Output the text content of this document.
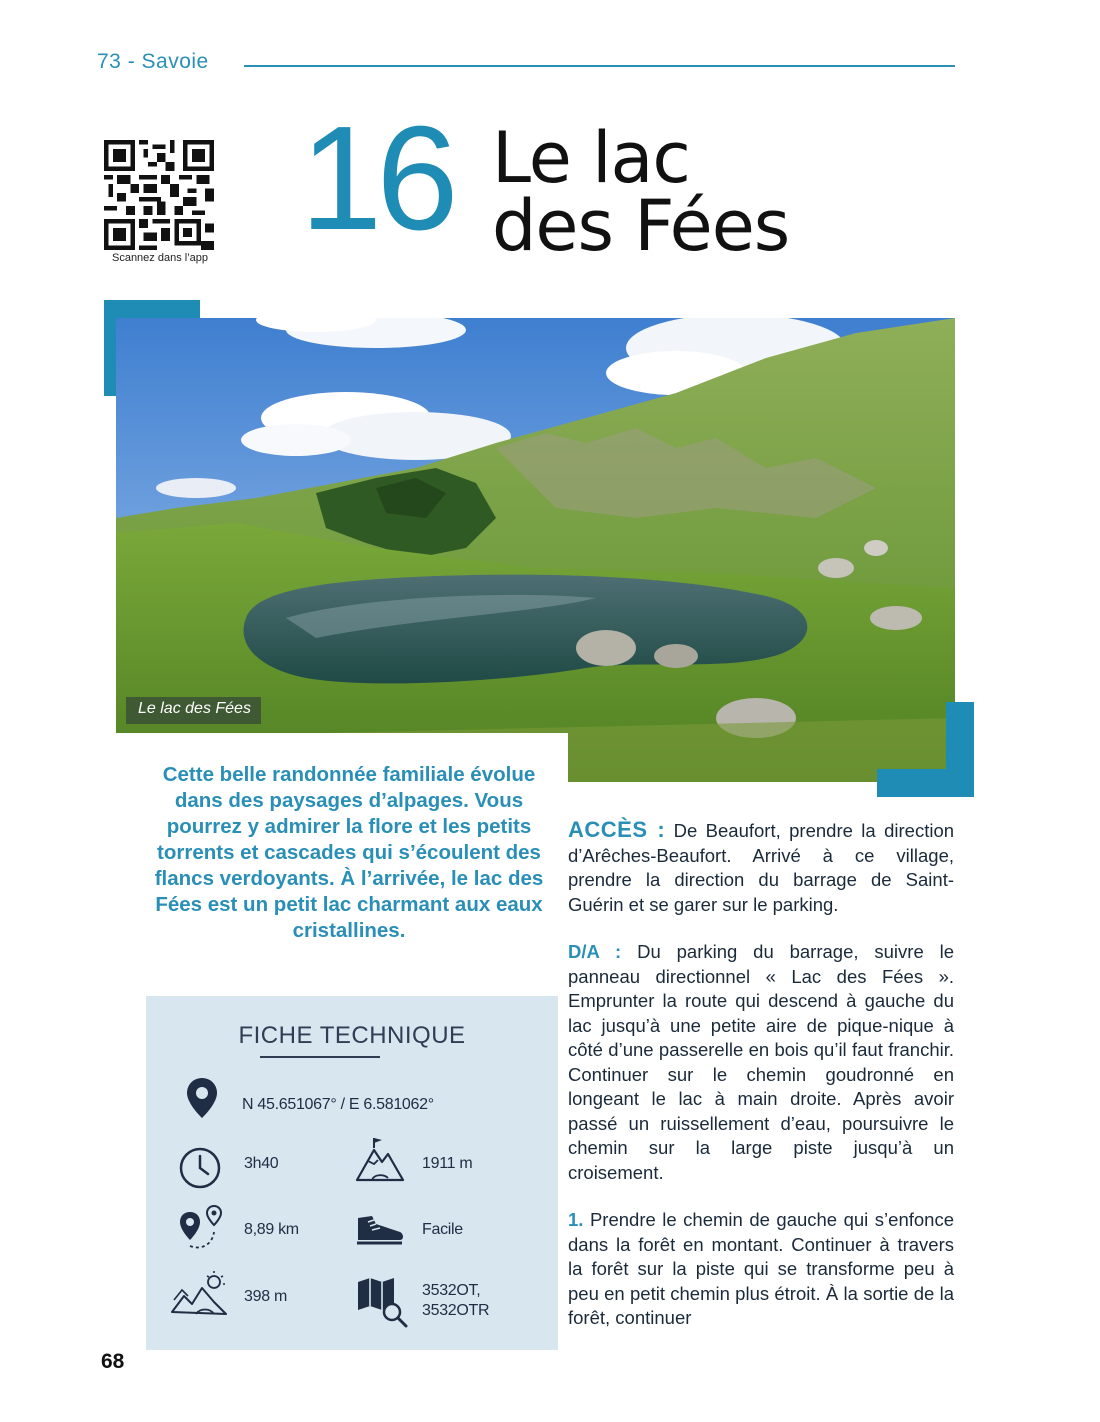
73 - Savoie
Scannez dans l’app 16 Le lac
des Fées
Le lac des Fées
Cette belle randonnée familiale évolue dans des paysages d’alpages. Vous pourrez y admirer la flore et les petits torrents et cascades qui s’écoulent des flancs verdoyants. À l’arrivée, le lac des Fées est un petit lac charmant aux eaux cristallines.
FICHE TECHNIQUE
N 45.651067° / E 6.581062°
3h40	1911 m
8,89 km	Facile
398 m	3532OT,
3532OTR
68

ACCÈS : De Beaufort, prendre la direction d’Arêches-Beaufort. Arrivé à ce village, prendre la direction du barrage de Saint-Guérin et se garer sur le parking.

D/A : Du parking du barrage, suivre le panneau directionnel « Lac des Fées ». Emprunter la route qui descend à gauche du lac jusqu’à une petite aire de pique-nique à côté d’une passerelle en bois qu’il faut franchir. Continuer sur le chemin goudronné en longeant le lac à main droite. Après avoir passé un ruissellement d’eau, poursuivre le chemin sur la large piste jusqu’à un croisement.

1. Prendre le chemin de gauche qui s’enfonce dans la forêt en montant. Continuer à travers la forêt sur la piste qui se transforme peu à peu en petit chemin plus étroit. À la sortie de la forêt, continuer
